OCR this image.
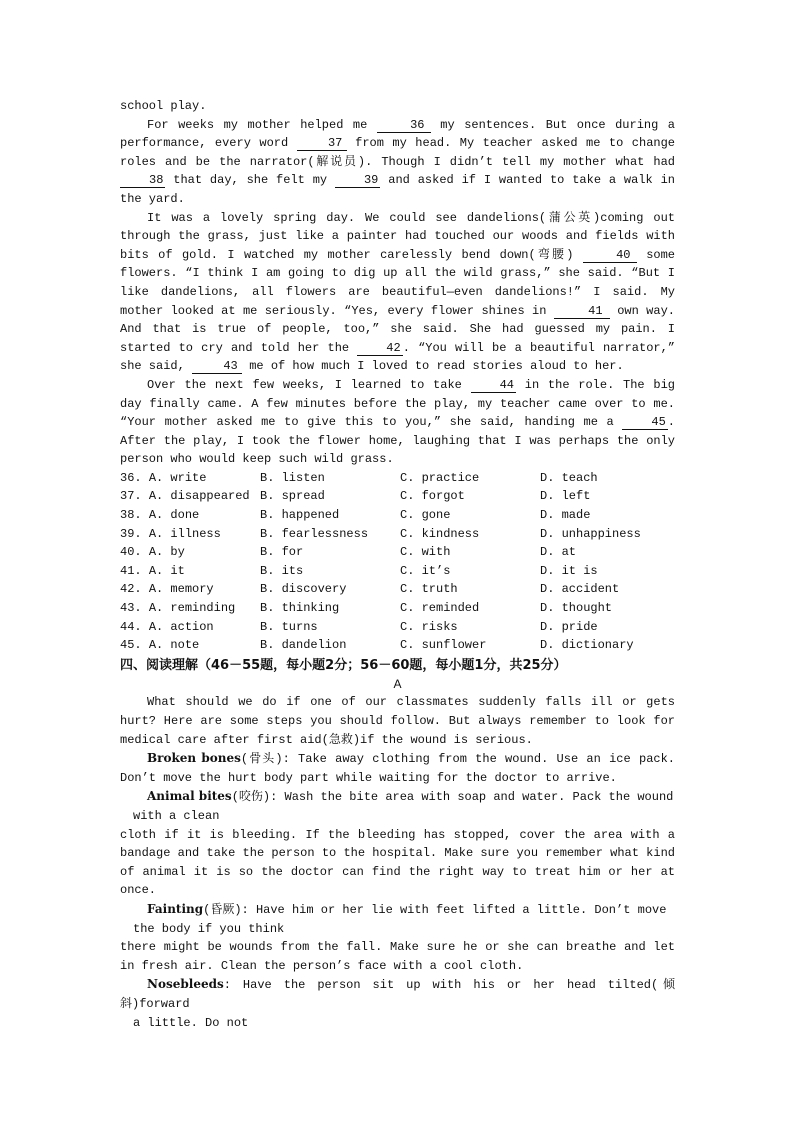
school play.

For weeks my mother helped me	36 my sentences. But once during a performance, every word	37 from my head. My teacher asked me to change roles and be the narrator(解说员). Though I didn’t tell my mother what had 38 that day, she felt my 39 and asked if I wanted to take a walk in the yard.

It was a lovely spring day. We could see dandelions(蒲公英)coming out through the grass, just like a painter had touched our woods and fields with bits of gold. I watched my mother carelessly bend down(弯腰)	40 some flowers. “I think I am going to dig up all the wild grass,” she said. “But I like dandelions, all flowers are beautiful—even dandelions!” I said. My mother looked at me seriously. “Yes, every flower shines in	41 own way. And that is true of people, too,” she said. She had guessed my pain. I started to cry and told her the 42 . “You will be a beautiful narrator,” she said,	43 me of how much I loved to read stories aloud to her.

Over the next few weeks, I learned to take 44 in the role. The big day finally came. A few minutes before the play, my teacher came over to me. “Your mother asked me to give this to you,” she said, handing me a 45 . After the play, I took the flower home, laughing that I was perhaps the only person who would keep such wild grass.

36. A. write	B. listen	C. practice	D. teach
37. A. disappeared B. spread	C. forgot	D. left
38. A. done	B. happened	C. gone	D. made
39. A. illness	B. fearlessness	C. kindness	D. unhappiness
40. A. by	B. for	C. with	D. at
41. A. it	B. its	C. it’s	D. it is
42. A. memory	B. discovery	C. truth	D. accident
43. A. reminding	B. thinking	C. reminded	D. thought
44. A. action	B. turns	C. risks	D. pride
45. A. note	B. dandelion	C. sunflower	D. dictionary
四、阅读理解（46－55题，每小题2分；56－60题，每小题1分，共25分）
A

What should we do if one of our classmates suddenly falls ill or gets hurt? Here are some steps you should follow. But always remember to look for medical care after first aid(急救)if the wound is serious.

Broken bones(骨头): Take away clothing from the wound. Use an ice pack. Don’t move the hurt body part while waiting for the doctor to arrive.

Animal bites(咬伤): Wash the bite area with soap and water. Pack the wound

with a clean

cloth if it is bleeding. If the bleeding has stopped, cover the area with a bandage and take the person to the hospital. Make sure you remember what kind of animal it is so the doctor can find the right way to treat him or her at once.

Fainting(昏厥): Have him or her lie with feet lifted a little. Don’t move

the body if you think

there might be wounds from the fall. Make sure he or she can breathe and let in fresh air. Clean the person’s face with a cool cloth.

Nosebleeds: Have the person sit up with his or her head tilted(倾斜)forward

a little. Do not
